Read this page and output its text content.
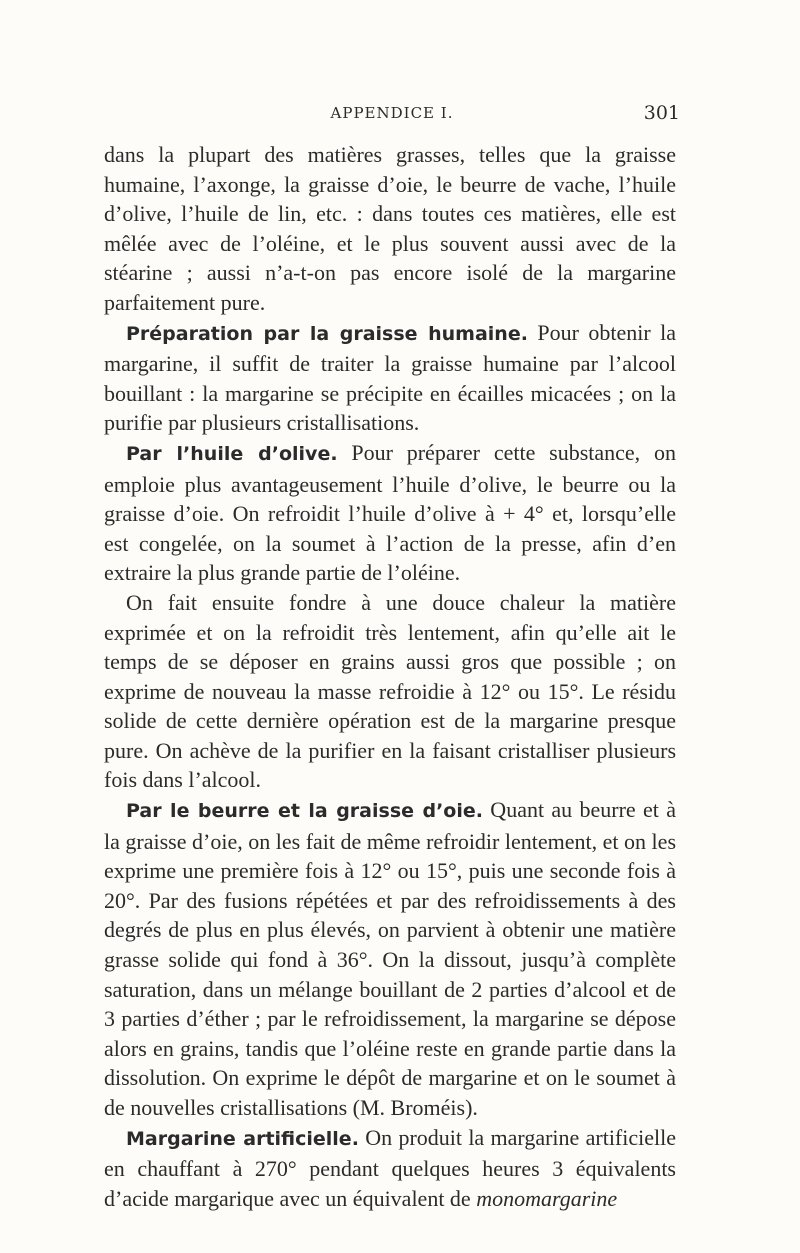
APPENDICE I.	301

dans la plupart des matières grasses, telles que la graisse humaine, l’axonge, la graisse d’oie, le beurre de vache, l’huile d’olive, l’huile de lin, etc. : dans toutes ces matières, elle est mêlée avec de l’oléine, et le plus souvent aussi avec de la stéarine ; aussi n’a-t-on pas encore isolé de la margarine parfaitement pure.

Préparation par la graisse humaine. Pour obtenir la margarine, il suffit de traiter la graisse humaine par l’alcool bouillant : la margarine se précipite en écailles micacées ; on la purifie par plusieurs cristallisations.

Par l’huile d’olive. Pour préparer cette substance, on emploie plus avantageusement l’huile d’olive, le beurre ou la graisse d’oie. On refroidit l’huile d’olive à + 4° et, lorsqu’elle est congelée, on la soumet à l’action de la presse, afin d’en extraire la plus grande partie de l’oléine.

On fait ensuite fondre à une douce chaleur la matière exprimée et on la refroidit très lentement, afin qu’elle ait le temps de se déposer en grains aussi gros que possible ; on exprime de nouveau la masse refroidie à 12° ou 15°. Le résidu solide de cette dernière opération est de la margarine presque pure. On achève de la purifier en la faisant cristalliser plusieurs fois dans l’alcool.

Par le beurre et la graisse d’oie. Quant au beurre et à la graisse d’oie, on les fait de même refroidir lentement, et on les exprime une première fois à 12° ou 15°, puis une seconde fois à 20°. Par des fusions répétées et par des refroidissements à des degrés de plus en plus élevés, on parvient à obtenir une matière grasse solide qui fond à 36°. On la dissout, jusqu’à complète saturation, dans un mélange bouillant de 2 parties d’alcool et de 3 parties d’éther ; par le refroidissement, la margarine se dépose alors en grains, tandis que l’oléine reste en grande partie dans la dissolution. On exprime le dépôt de margarine et on le soumet à de nouvelles cristallisations (M. Broméis).

Margarine artificielle. On produit la margarine artificielle en chauffant à 270° pendant quelques heures 3 équivalents d’acide margarique avec un équivalent de monomargarine
